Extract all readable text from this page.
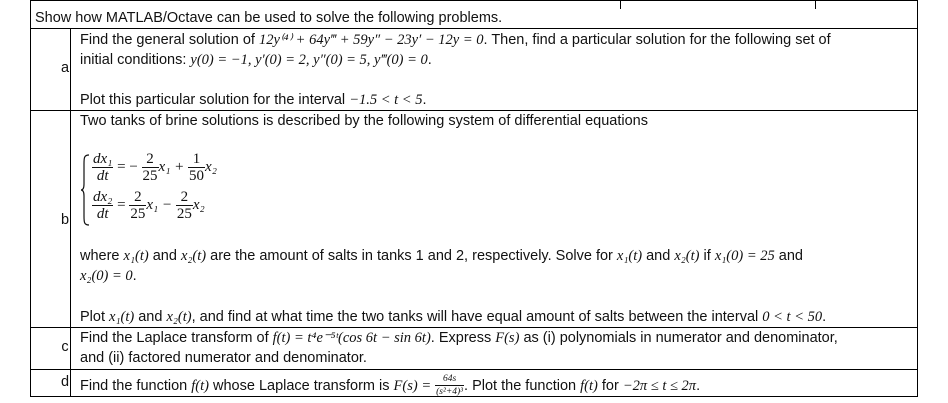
Show how MATLAB/Octave can be used to solve the following problems.
a
Find the general solution of 12y⁽⁴⁾ + 64y‴ + 59y″ − 23y′ − 12y = 0. Then, find a particular solution for the following set of
initial conditions: y(0) = −1, y′(0) = 2, y″(0) = 5, y‴(0) = 0.
Plot this particular solution for the interval −1.5 < t < 5.
b
Two tanks of brine solutions is described by the following system of differential equations
$\frac{\text{dx₁}}{dt}$ = − $\frac{2}{25} x_1 + \frac{1}{50} x_2$
$\frac{\text{dx₂}}{dt} = \frac{2}{25} x_1 - \frac{2}{25} x_2$
where x₁(t) and x₂(t) are the amount of salts in tanks 1 and 2, respectively. Solve for x₁(t) and x₂(t) if x₁(0) = 25 and
x₂(0) = 0.
Plot x₁(t) and x₂(t), and find at what time the two tanks will have equal amount of salts between the interval 0 < t < 50.
c
Find the Laplace transform of f(t) = t⁴e⁻⁵ᵗ(cos 6t − sin 6t). Express F(s) as (i) polynomials in numerator and denominator,
and (ii) factored numerator and denominator.
d Find the function f(t) whose Laplace transform is $F(s) = \frac{64s}{\text{(s²+4)³}}$ . Plot the function f(t) for −2π ≤ t ≤ 2π.
